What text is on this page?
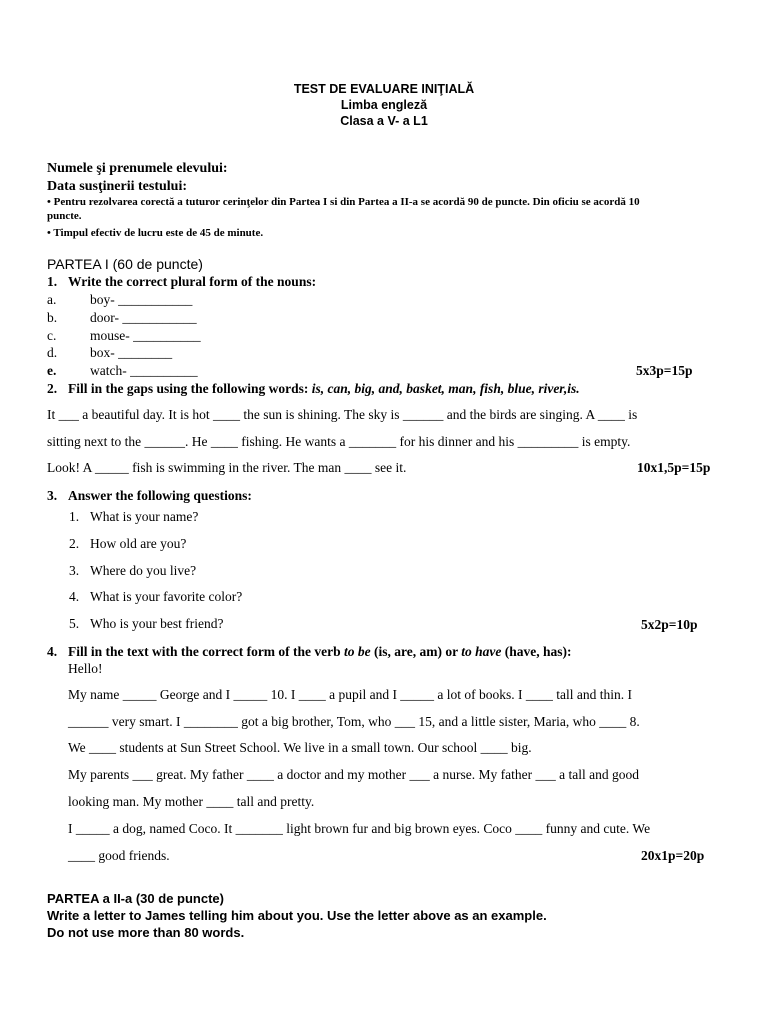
TEST DE EVALUARE INIŢIALĂ
Limba engleză
Clasa a V- a L1
Numele şi prenumele elevului:
Data susţinerii testului:
• Pentru rezolvarea corectă a tuturor cerinţelor din Partea I si din Partea a II-a se acordă 90 de puncte. Din oficiu se acordă 10
puncte.
• Timpul efectiv de lucru este de 45 de minute.
PARTEA I (60 de puncte)
1. Write the correct plural form of the nouns:
a. boy- ___________
b. door- ___________
c. mouse- __________
d. box- ________
e. watch- __________	5x3p=15p
2. Fill in the gaps using the following words: is, can, big, and, basket, man, fish, blue, river,is.
It ___ a beautiful day. It is hot ____ the sun is shining. The sky is ______ and the birds are singing. A ____ is
sitting next to the ______. He ____ fishing. He wants a _______ for his dinner and his _________ is empty.
Look! A _____ fish is swimming in the river. The man ____ see it.	10x1,5p=15p
3. Answer the following questions:
1. What is your name?
2. How old are you?
3. Where do you live?
4. What is your favorite color?
5. Who is your best friend?	5x2p=10p
4. Fill in the text with the correct form of the verb to be (is, are, am) or to have (have, has):
Hello!
My name _____ George and I _____ 10. I ____ a pupil and I _____ a lot of books. I ____ tall and thin. I
______ very smart. I ________ got a big brother, Tom, who ___ 15, and a little sister, Maria, who ____ 8.
We ____ students at Sun Street School. We live in a small town. Our school ____ big.
My parents ___ great. My father ____ a doctor and my mother ___ a nurse. My father ___ a tall and good
looking man. My mother ____ tall and pretty.
I _____ a dog, named Coco. It _______ light brown fur and big brown eyes. Coco ____ funny and cute. We
____ good friends.	20x1p=20p
PARTEA a II-a (30 de puncte)
Write a letter to James telling him about you. Use the letter above as an example.
Do not use more than 80 words.
